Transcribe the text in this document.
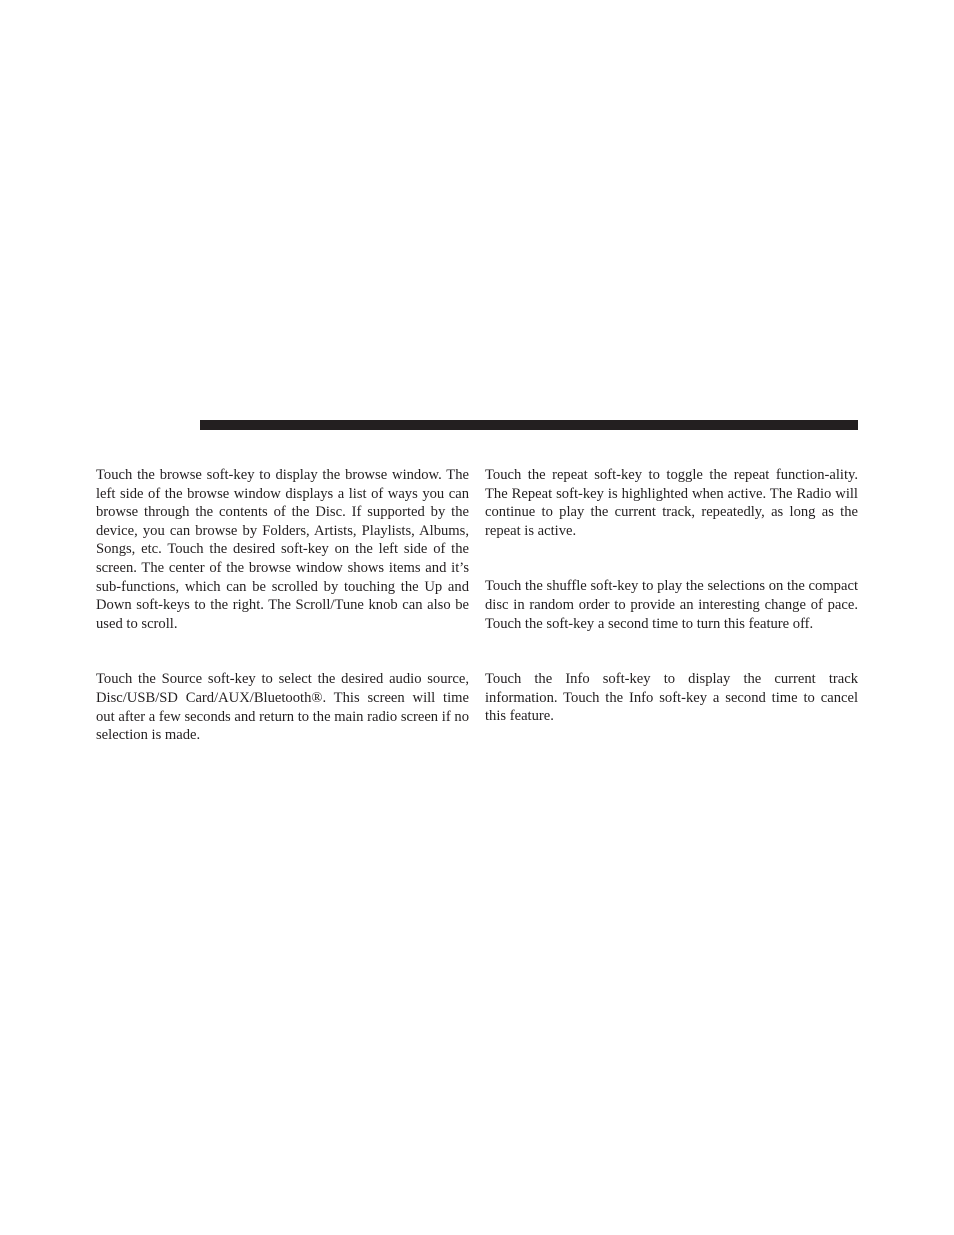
Touch the browse soft-key to display the browse window. The left side of the browse window displays a list of ways you can browse through the contents of the Disc. If supported by the device, you can browse by Folders, Artists, Playlists, Albums, Songs, etc. Touch the desired soft-key on the left side of the screen. The center of the browse window shows items and it’s sub-functions, which can be scrolled by touching the Up and Down soft-keys to the right. The Scroll/Tune knob can also be used to scroll.

Touch the Source soft-key to select the desired audio source, Disc/USB/SD Card/AUX/Bluetooth®. This screen will time out after a few seconds and return to the main radio screen if no selection is made.

Touch the repeat soft-key to toggle the repeat function-ality. The Repeat soft-key is highlighted when active. The Radio will continue to play the current track, repeatedly, as long as the repeat is active.

Touch the shuffle soft-key to play the selections on the compact disc in random order to provide an interesting change of pace. Touch the soft-key a second time to turn this feature off.

Touch the Info soft-key to display the current track information. Touch the Info soft-key a second time to cancel this feature.
